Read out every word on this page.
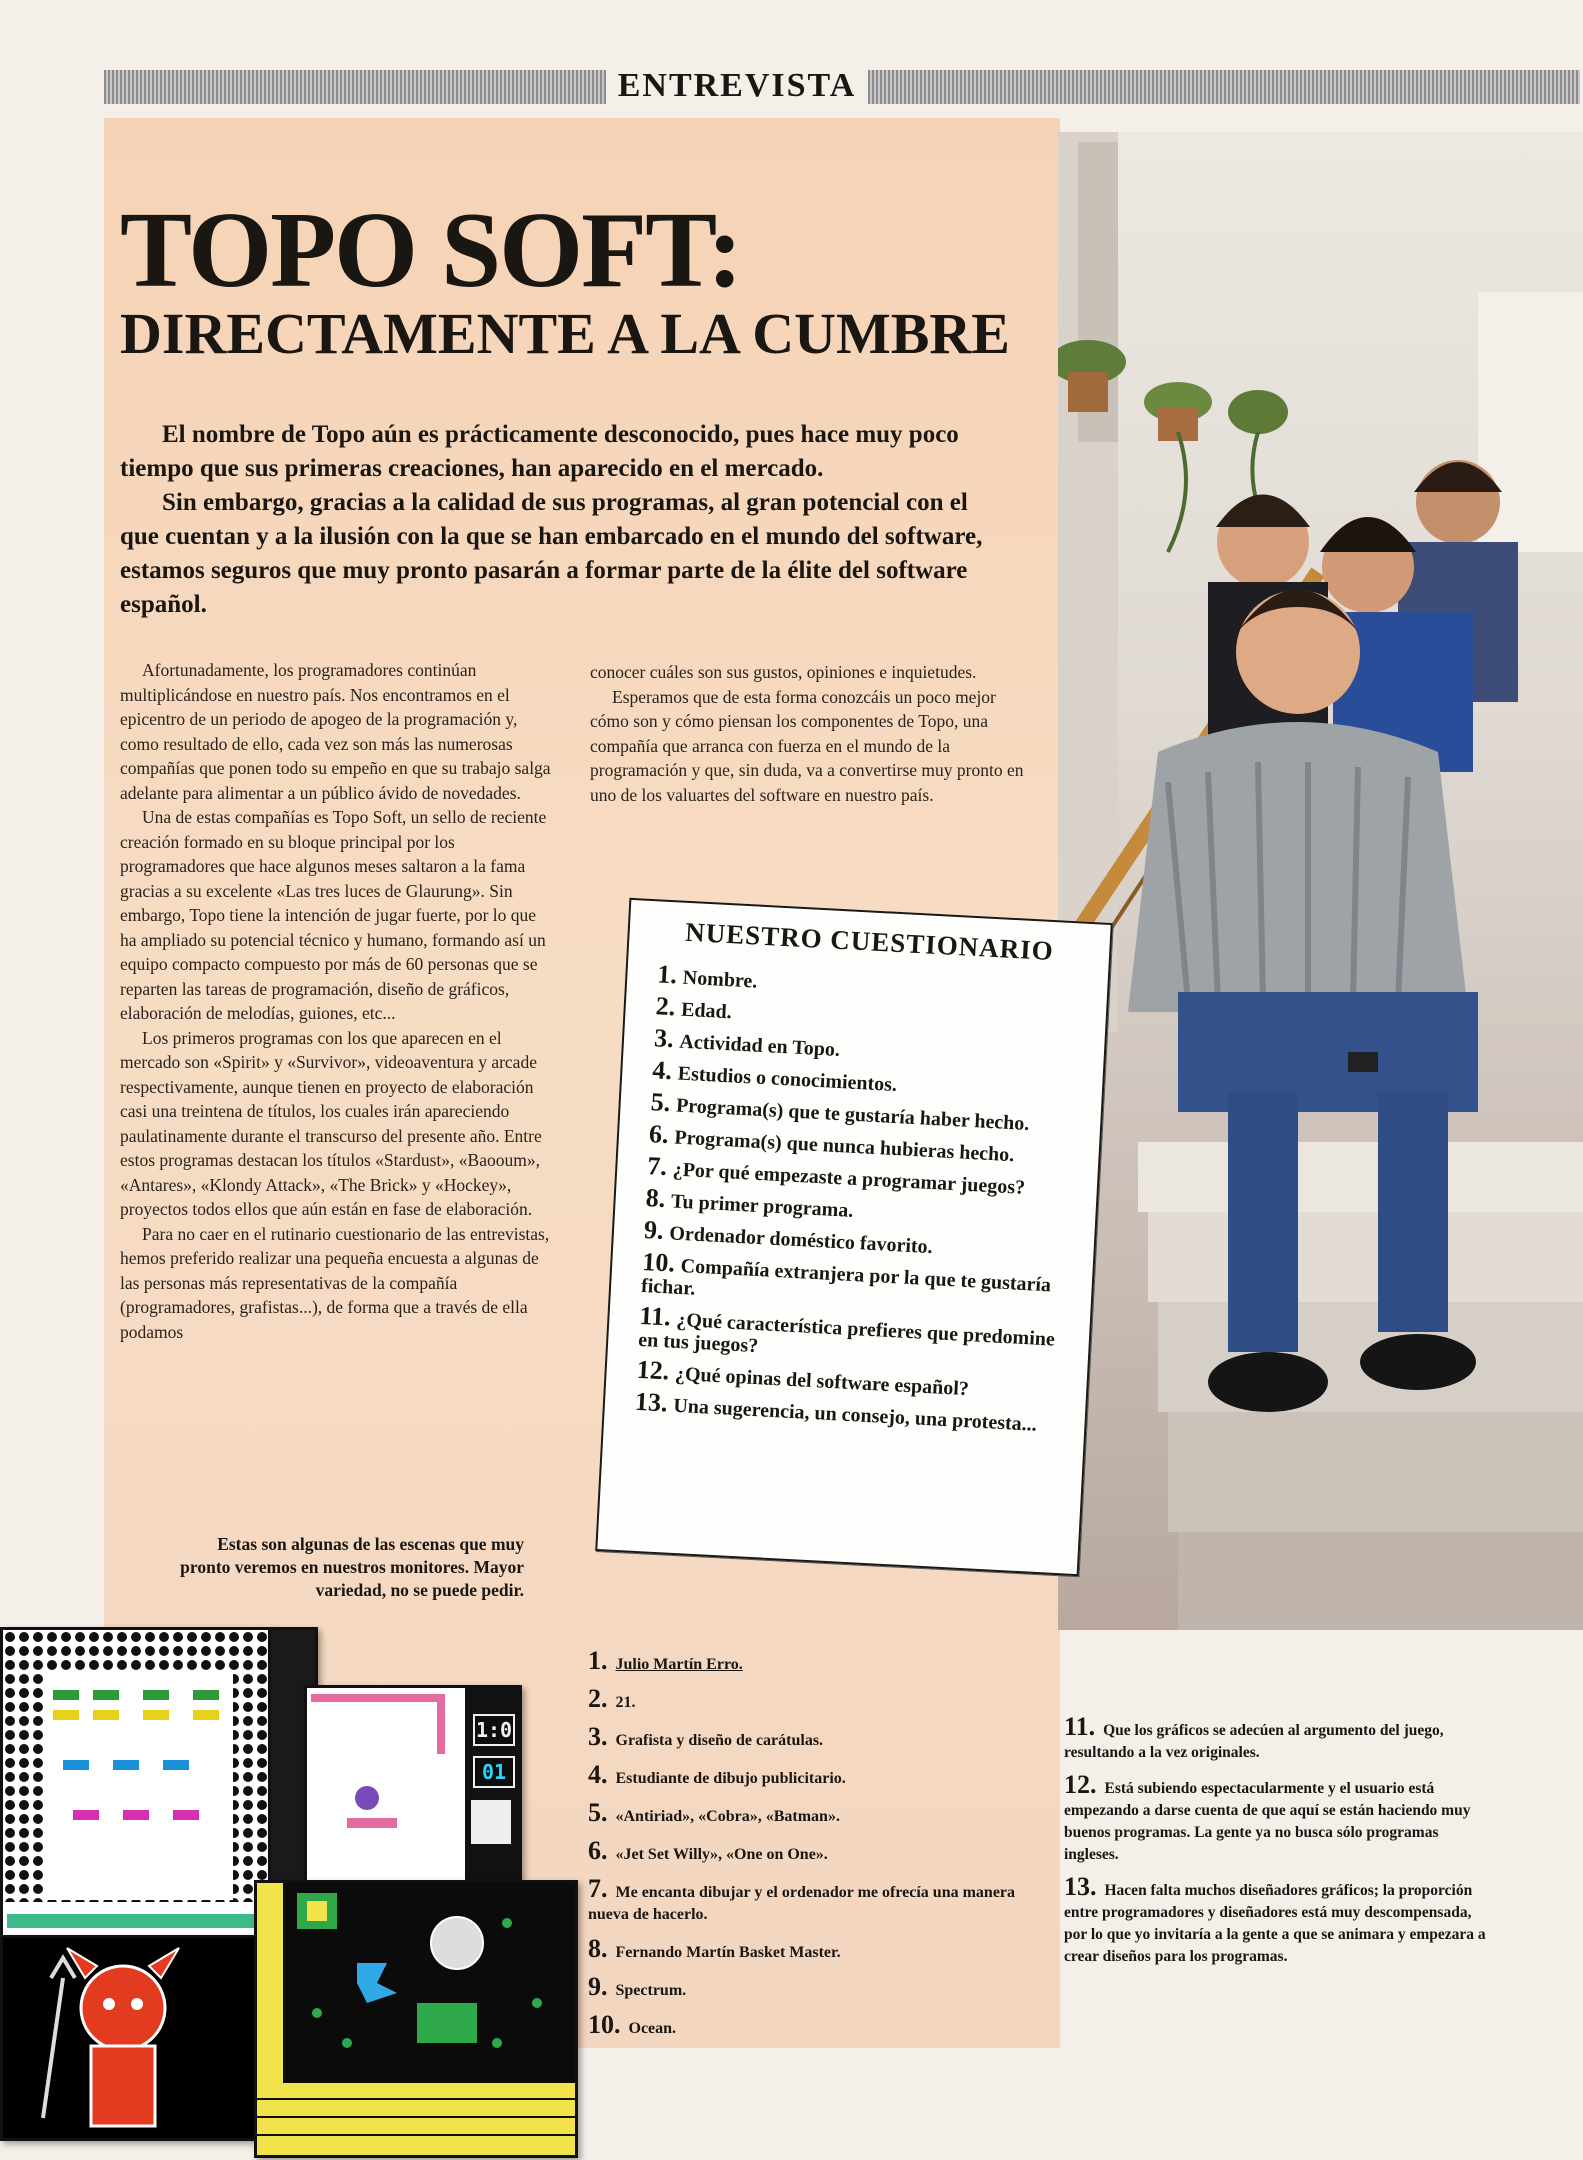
ENTREVISTA
TOPO SOFT:
DIRECTAMENTE A LA CUMBRE

El nombre de Topo aún es prácticamente desconocido, pues hace muy poco tiempo que sus primeras creaciones, han aparecido en el mercado.

Sin embargo, gracias a la calidad de sus programas, al gran potencial con el que cuentan y a la ilusión con la que se han embarcado en el mundo del software, estamos seguros que muy pronto pasarán a formar parte de la élite del software español.

Afortunadamente, los programadores continúan multiplicándose en nuestro país. Nos encontramos en el epicentro de un periodo de apogeo de la programación y, como resultado de ello, cada vez son más las numerosas compañías que ponen todo su empeño en que su trabajo salga adelante para alimentar a un público ávido de novedades.

Una de estas compañías es Topo Soft, un sello de reciente creación formado en su bloque principal por los programadores que hace algunos meses saltaron a la fama gracias a su excelente «Las tres luces de Glaurung». Sin embargo, Topo tiene la intención de jugar fuerte, por lo que ha ampliado su potencial técnico y humano, formando así un equipo compacto compuesto por más de 60 personas que se reparten las tareas de programación, diseño de gráficos, elaboración de melodías, guiones, etc...

Los primeros programas con los que aparecen en el mercado son «Spirit» y «Survivor», videoaventura y arcade respectivamente, aunque tienen en proyecto de elaboración casi una treintena de títulos, los cuales irán apareciendo paulatinamente durante el transcurso del presente año. Entre estos programas destacan los títulos «Stardust», «Baooum», «Antares», «Klondy Attack», «The Brick» y «Hockey», proyectos todos ellos que aún están en fase de elaboración.

Para no caer en el rutinario cuestionario de las entrevistas, hemos preferido realizar una pequeña encuesta a algunas de las personas más representativas de la compañía (programadores, grafistas...), de forma que a través de ella podamos

conocer cuáles son sus gustos, opiniones e inquietudes.

Esperamos que de esta forma conozcáis un poco mejor cómo son y cómo piensan los componentes de Topo, una compañía que arranca con fuerza en el mundo de la programación y que, sin duda, va a convertirse muy pronto en uno de los valuartes del software en nuestro país.

NUESTRO CUESTIONARIO
1. Nombre.
2. Edad.
3. Actividad en Topo.
4. Estudios o conocimientos.
5. Programa(s) que te gustaría haber hecho.
6. Programa(s) que nunca hubieras hecho.
7. ¿Por qué empezaste a programar juegos?
8. Tu primer programa.
9. Ordenador doméstico favorito.
10. Compañía extranjera por la que te gustaría fichar.
11. ¿Qué característica prefieres que predomine en tus juegos?
12. ¿Qué opinas del software español?
13. Una sugerencia, un consejo, una protesta...
Estas son algunas de las escenas que muy pronto veremos en nuestros monitores. Mayor variedad, no se puede pedir.
1:0
01

1. Julio Martín Erro.

2. 21.

3. Grafista y diseño de carátulas.

4. Estudiante de dibujo publicitario.

5. «Antiriad», «Cobra», «Batman».

6. «Jet Set Willy», «One on One».

7. Me encanta dibujar y el ordenador me ofrecía una manera nueva de hacerlo.

8. Fernando Martín Basket Master.

9. Spectrum.

10. Ocean.

11. Que los gráficos se adecúen al argumento del juego, resultando a la vez originales.

12. Está subiendo espectacularmente y el usuario está empezando a darse cuenta de que aquí se están haciendo muy buenos programas. La gente ya no busca sólo programas ingleses.

13. Hacen falta muchos diseñadores gráficos; la proporción entre programadores y diseñadores está muy descompensada, por lo que yo invitaría a la gente a que se animara y empezara a crear diseños para los programas.
